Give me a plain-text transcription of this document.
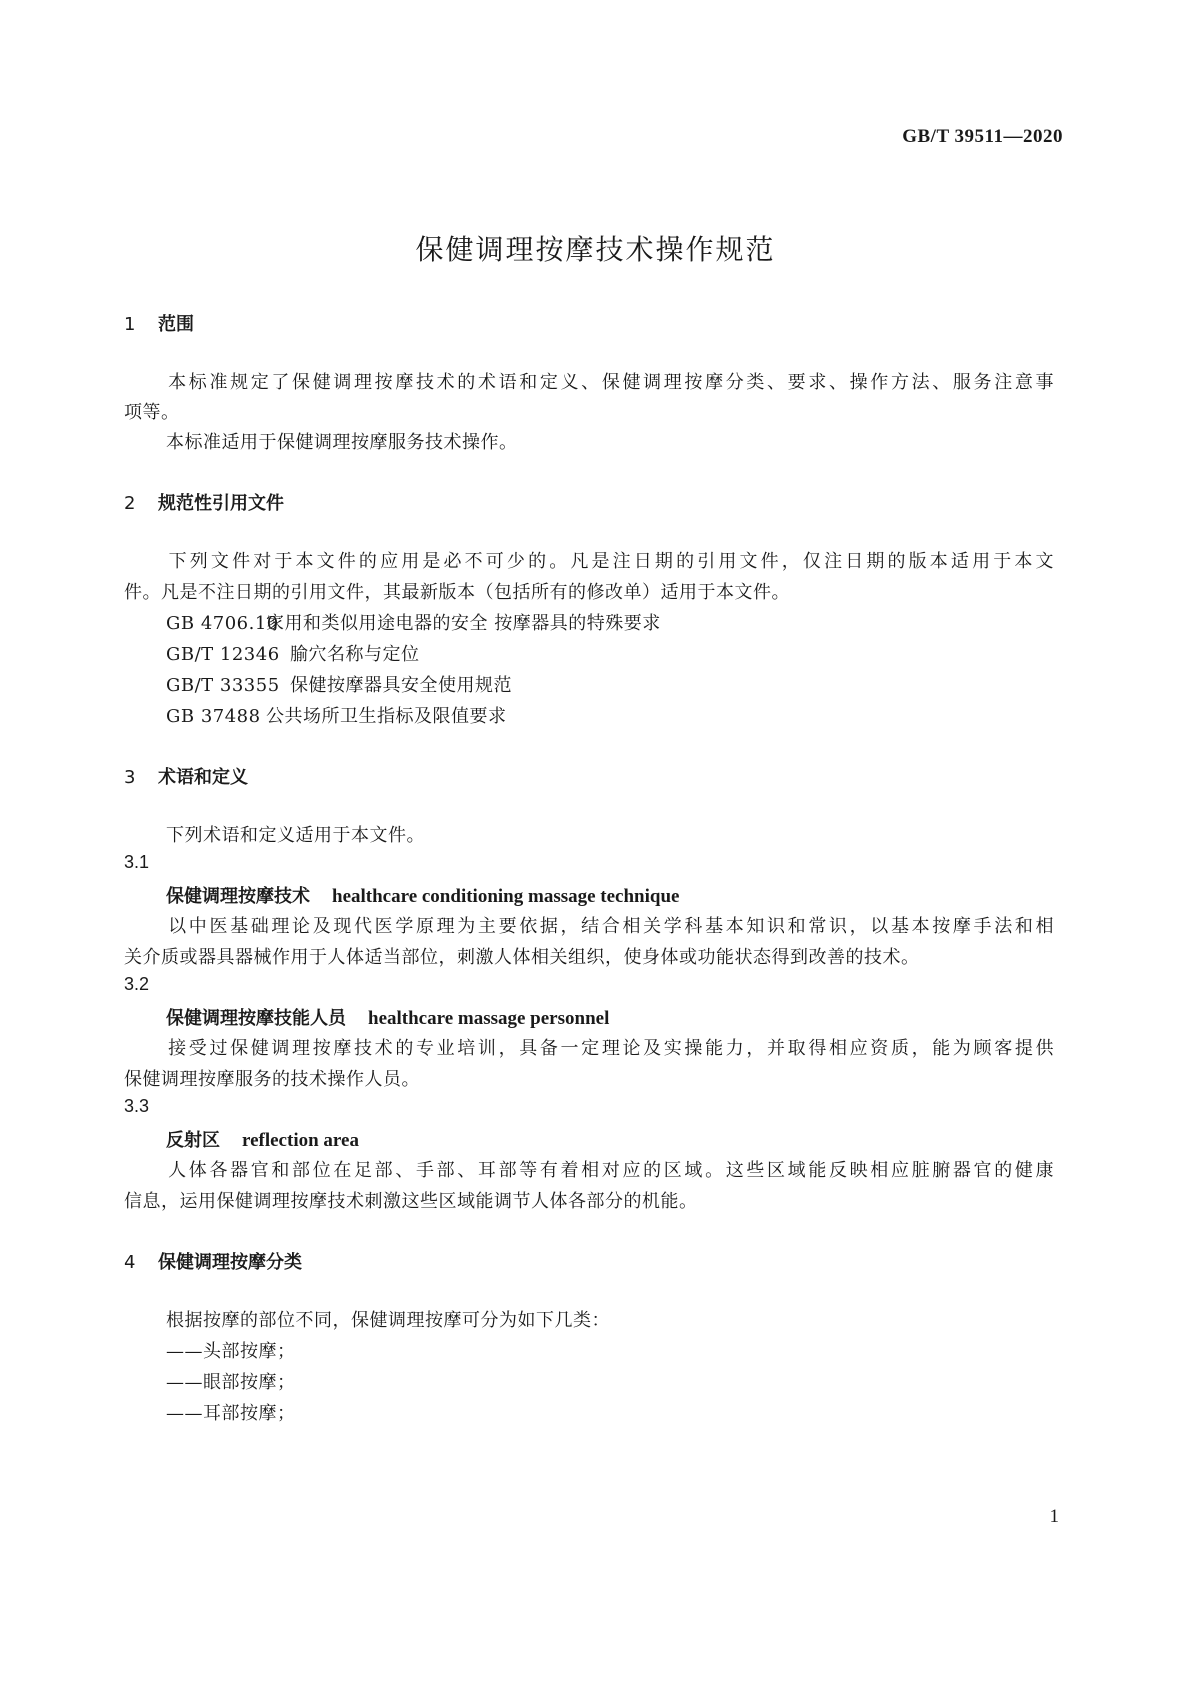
GB/T 39511—2020
保健调理按摩技术操作规范
1 范围
本标准规定了保健调理按摩技术的术语和定义、保健调理按摩分类、要求、操作方法、服务注意事
项等。
本标准适用于保健调理按摩服务技术操作。
2 规范性引用文件
下列文件对于本文件的应用是必不可少的。凡是注日期的引用文件，仅注日期的版本适用于本文
件。凡是不注日期的引用文件，其最新版本（包括所有的修改单）适用于本文件。
GB 4706.10家用和类似用途电器的安全 按摩器具的特殊要求
GB/T 12346 腧穴名称与定位
GB/T 33355 保健按摩器具安全使用规范
GB 37488 公共场所卫生指标及限值要求
3 术语和定义
下列术语和定义适用于本文件。
3.1
保健调理按摩技术 healthcare conditioning massage technique
以中医基础理论及现代医学原理为主要依据，结合相关学科基本知识和常识，以基本按摩手法和相
关介质或器具器械作用于人体适当部位，刺激人体相关组织，使身体或功能状态得到改善的技术。
3.2
保健调理按摩技能人员 healthcare massage personnel
接受过保健调理按摩技术的专业培训，具备一定理论及实操能力，并取得相应资质，能为顾客提供
保健调理按摩服务的技术操作人员。
3.3
反射区 reflection area
人体各器官和部位在足部、手部、耳部等有着相对应的区域。这些区域能反映相应脏腑器官的健康
信息，运用保健调理按摩技术刺激这些区域能调节人体各部分的机能。
4 保健调理按摩分类
根据按摩的部位不同，保健调理按摩可分为如下几类：
——头部按摩；
——眼部按摩；
——耳部按摩；
1
